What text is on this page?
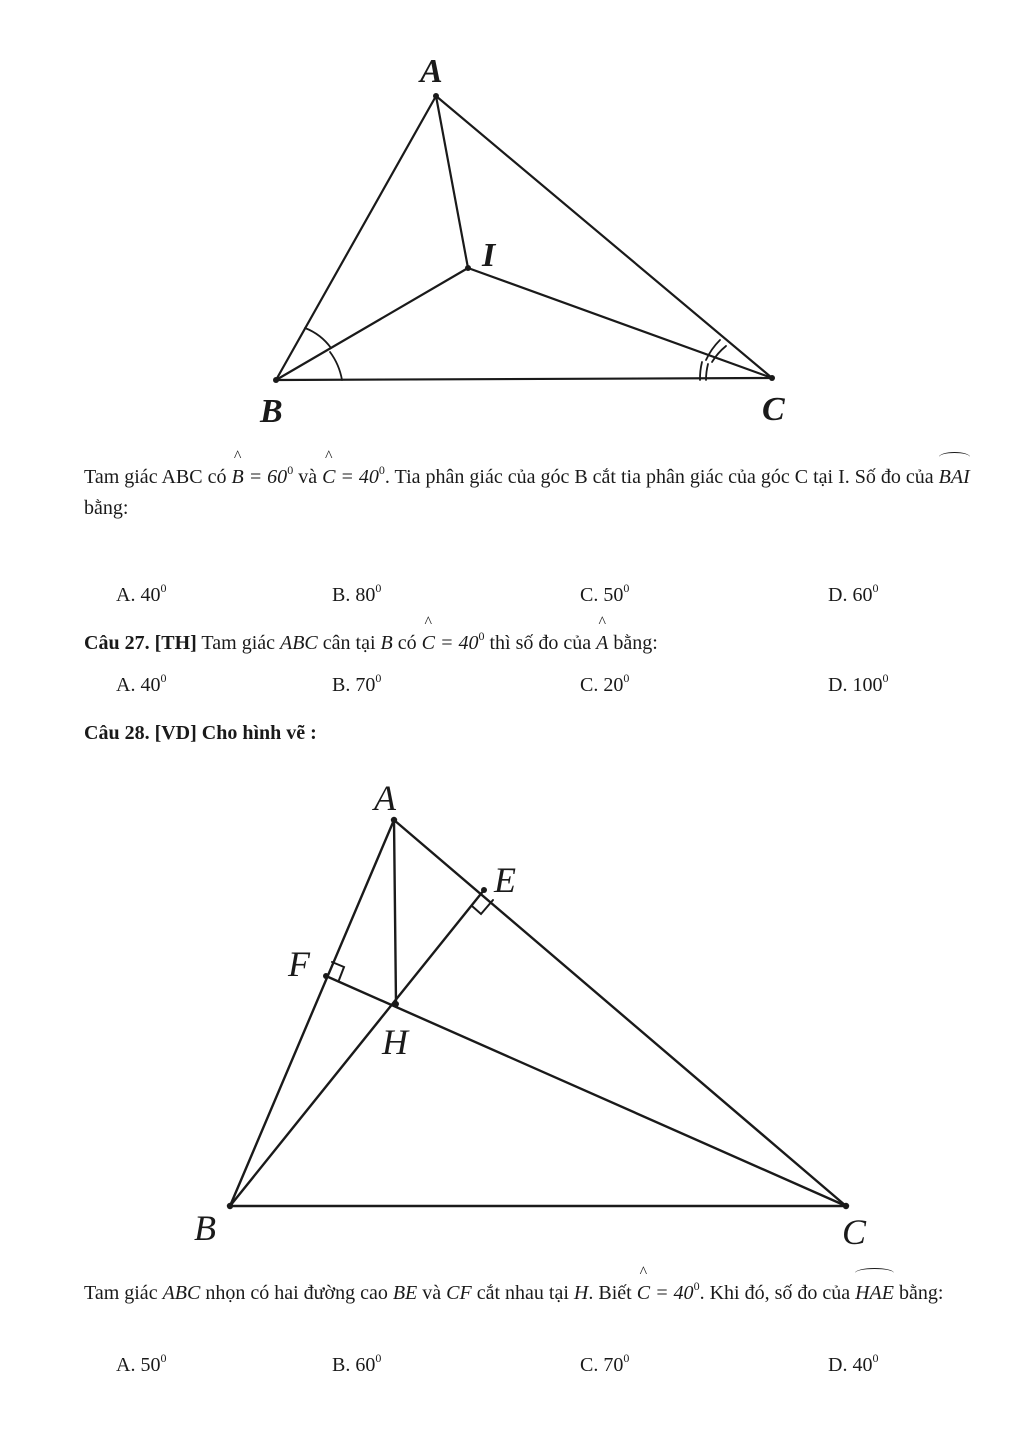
A
B	C
I
Tam giác ABC có
^
$B = 60^0$ và
^
$C = 40^0$. Tia phân giác của góc B cắt tia phân giác của góc C tại I. Số đo của
BAI bằng:
A. $40^0$	B. $80^0$	C. $50^0$	D. $60^0$
Câu 27. [TH] Tam giác ABC cân tại B có
^
$C = 40^0$ thì số đo của
^
A bằng:
A. $40^0$	B. $70^0$	C. $20^0$	D. $100^0$
Câu 28. [VD] Cho hình vẽ :
A
B	C
E
F
H
Tam giác ABC nhọn có hai đường cao BE và CF cắt nhau tại H. Biết
^
$C = 40^0$. Khi đó, số đo của
HAE bằng:
A. $50^0$	B. $60^0$	C. $70^0$	D. $40^0$
